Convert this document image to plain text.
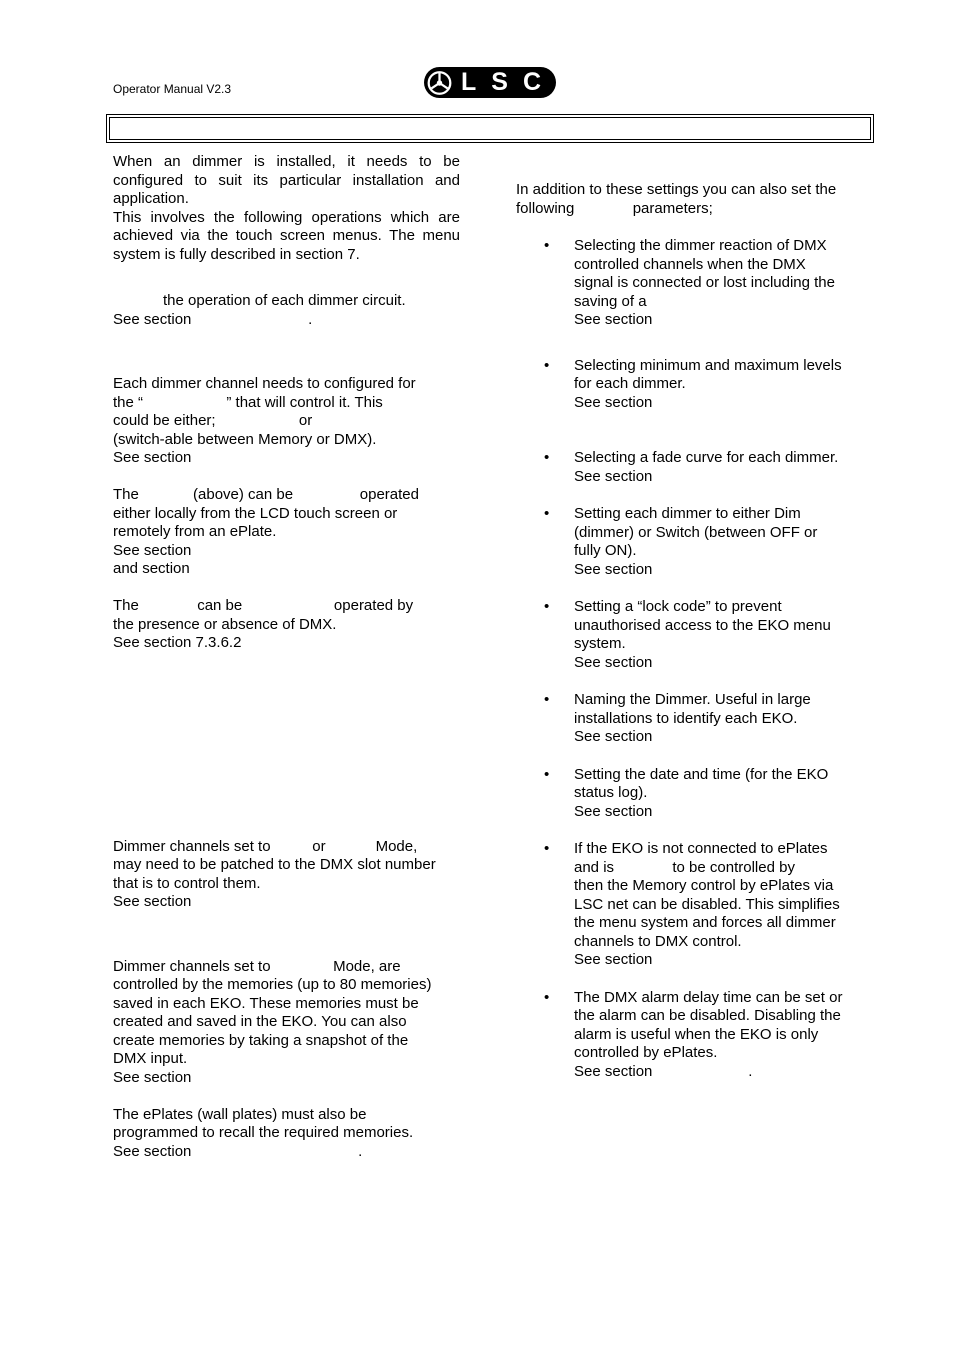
Operator Manual V2.3	LSC

When an dimmer is installed, it needs to be configured to suit its particular installation and application.

This involves the following operations which are achieved via the touch screen menus. The menu system is fully described in section 7.

the operation of each dimmer circuit.

See section                            .

Each dimmer channel needs to configured for

the “                    ” that will control it. This

could be either;                    or

(switch-able between Memory or DMX).

See section

The             (above) can be                operated

either locally from the LCD touch screen or

remotely from an ePlate.

See section

and section

The              can be                      operated by

the presence or absence of DMX.

See section 7.3.6.2

Dimmer channels set to          or            Mode,

may need to be patched to the DMX slot number

that is to control them.

See section

Dimmer channels set to               Mode, are

controlled by the memories (up to 80 memories)

saved in each EKO. These memories must be

created and saved in the EKO. You can also

create memories by taking a snapshot of the

DMX input.

See section

The ePlates (wall plates) must also be

programmed to recall the required memories.

See section                                        .

In addition to these settings you can also set the

following              parameters;

• Selecting the dimmer reaction of DMX
controlled channels when the DMX
signal is connected or lost including the
saving of a
See section
• Selecting minimum and maximum levels
for each dimmer.
See section
• Selecting a fade curve for each dimmer.
See section
• Setting each dimmer to either Dim
(dimmer) or Switch (between OFF or
fully ON).
See section
• Setting a “lock code” to prevent
unauthorised access to the EKO menu
system.
See section
• Naming the Dimmer. Useful in large
installations to identify each EKO.
See section
• Setting the date and time (for the EKO
status log).
See section
• If the EKO is not connected to ePlates
and is              to be controlled by
then the Memory control by ePlates via
LSC net can be disabled. This simplifies
the menu system and forces all dimmer
channels to DMX control.
See section
• The DMX alarm delay time can be set or
the alarm can be disabled. Disabling the
alarm is useful when the EKO is only
controlled by ePlates.
See section                       .
